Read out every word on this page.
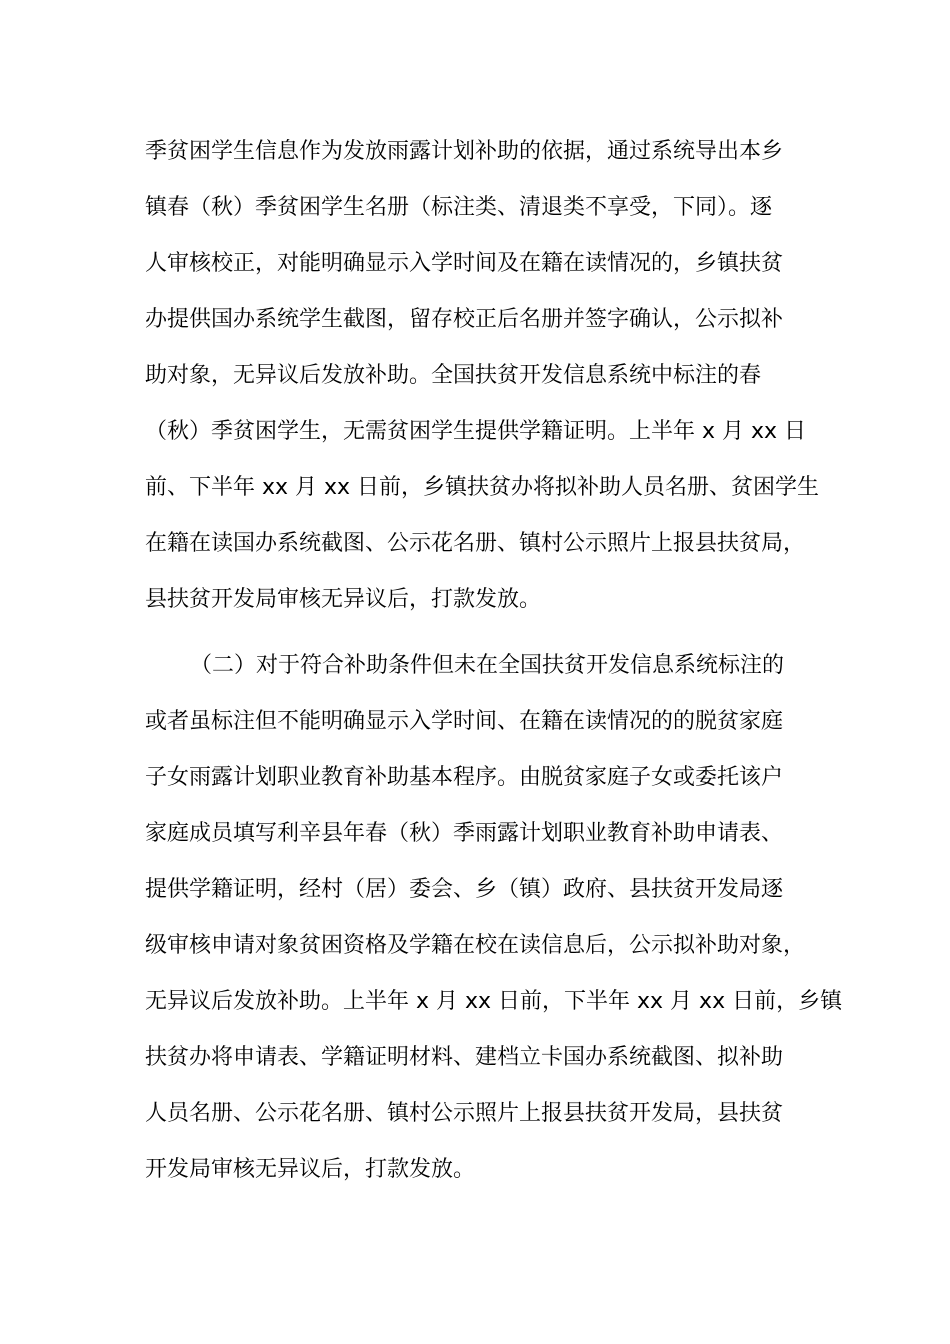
季贫困学生信息作为发放雨露计划补助的依据，通过系统导出本乡
镇春（秋）季贫困学生名册（标注类、清退类不享受，下同）。逐
人审核校正，对能明确显示入学时间及在籍在读情况的，乡镇扶贫
办提供国办系统学生截图，留存校正后名册并签字确认，公示拟补
助对象，无异议后发放补助。全国扶贫开发信息系统中标注的春
（秋）季贫困学生，无需贫困学生提供学籍证明。上半年 x 月 xx 日
前、下半年 xx 月 xx 日前，乡镇扶贫办将拟补助人员名册、贫困学生
在籍在读国办系统截图、公示花名册、镇村公示照片上报县扶贫局，
县扶贫开发局审核无异议后，打款发放。
（二）对于符合补助条件但未在全国扶贫开发信息系统标注的
或者虽标注但不能明确显示入学时间、在籍在读情况的的脱贫家庭
子女雨露计划职业教育补助基本程序。由脱贫家庭子女或委托该户
家庭成员填写利辛县年春（秋）季雨露计划职业教育补助申请表、
提供学籍证明，经村（居）委会、乡（镇）政府、县扶贫开发局逐
级审核申请对象贫困资格及学籍在校在读信息后，公示拟补助对象，
无异议后发放补助。上半年 x 月 xx 日前，下半年 xx 月 xx 日前，乡镇
扶贫办将申请表、学籍证明材料、建档立卡国办系统截图、拟补助
人员名册、公示花名册、镇村公示照片上报县扶贫开发局，县扶贫
开发局审核无异议后，打款发放。
